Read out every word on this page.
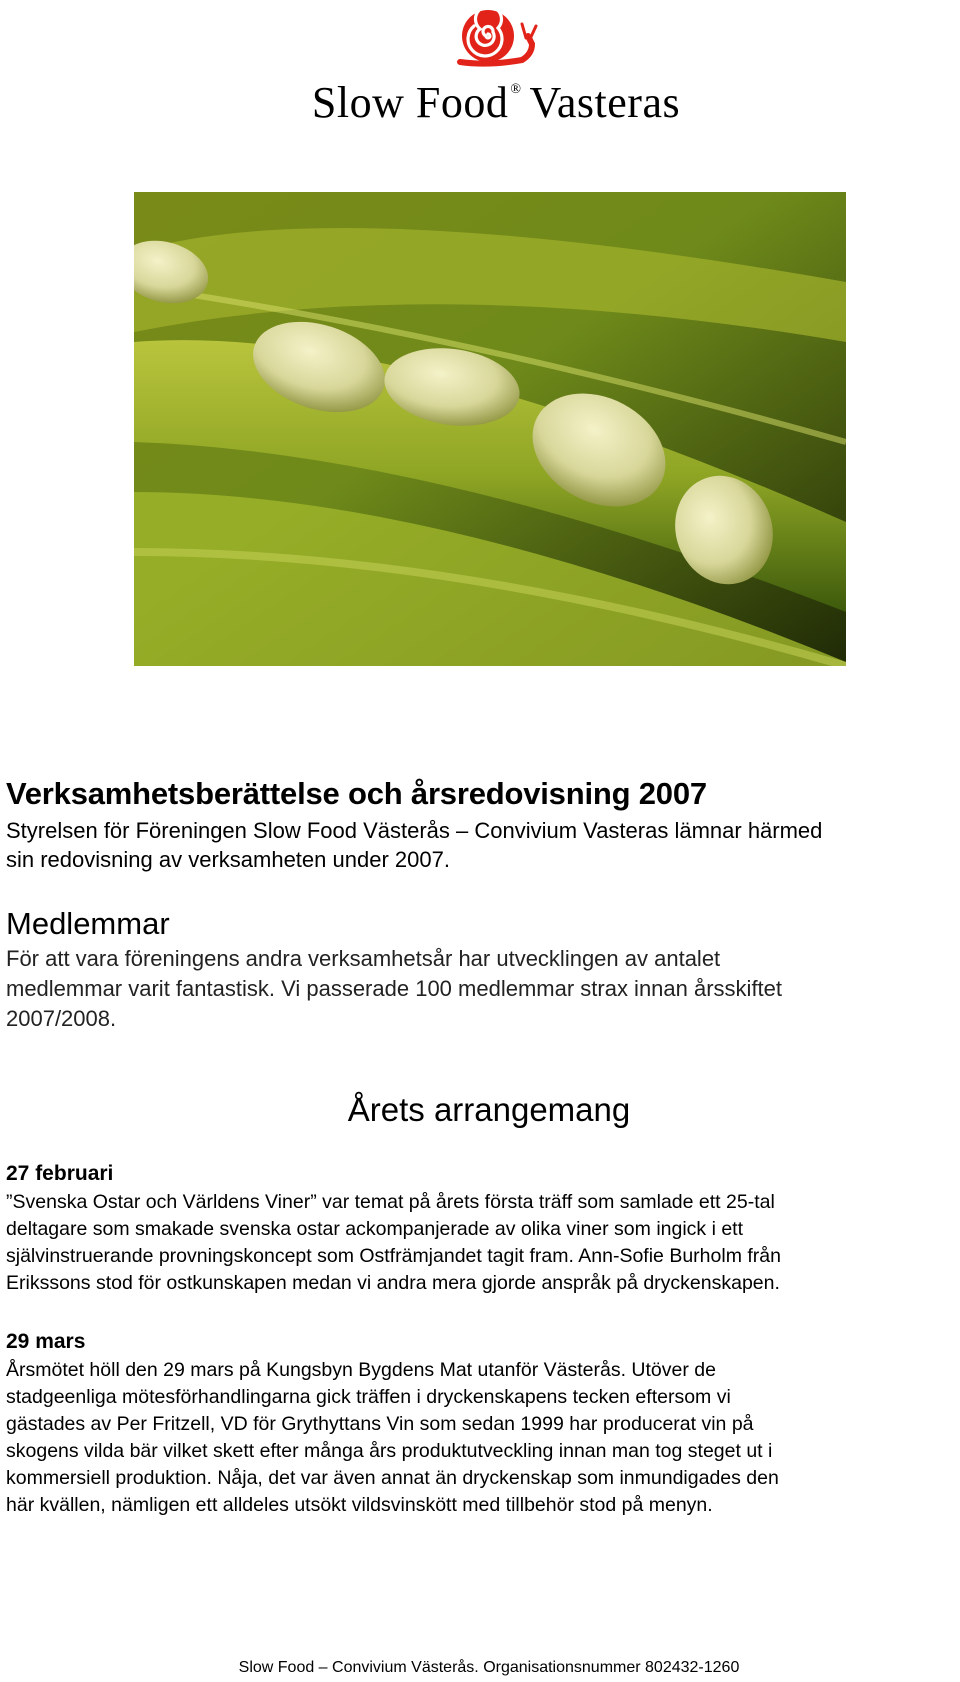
Slow Food ® Vasteras
Verksamhetsberättelse och årsredovisning 2007
Styrelsen för Föreningen Slow Food Västerås – Convivium Vasteras lämnar härmed
sin redovisning av verksamheten under 2007.
Medlemmar
För att vara föreningens andra verksamhetsår har utvecklingen av antalet
medlemmar varit fantastisk. Vi passerade 100 medlemmar strax innan årsskiftet
2007/2008.
Årets arrangemang
27 februari
”Svenska Ostar och Världens Viner” var temat på årets första träff som samlade ett 25-tal
deltagare som smakade svenska ostar ackompanjerade av olika viner som ingick i ett
självinstruerande provningskoncept som Ostfrämjandet tagit fram. Ann-Sofie Burholm från
Erikssons stod för ostkunskapen medan vi andra mera gjorde anspråk på dryckenskapen.
29 mars
Årsmötet höll den 29 mars på Kungsbyn Bygdens Mat utanför Västerås. Utöver de
stadgeenliga mötesförhandlingarna gick träffen i dryckenskapens tecken eftersom vi
gästades av Per Fritzell, VD för Grythyttans Vin som sedan 1999 har producerat vin på
skogens vilda bär vilket skett efter många års produktutveckling innan man tog steget ut i
kommersiell produktion. Nåja, det var även annat än dryckenskap som inmundigades den
här kvällen, nämligen ett alldeles utsökt vildsvinskött med tillbehör stod på menyn.
Slow Food – Convivium Västerås. Organisationsnummer 802432-1260
